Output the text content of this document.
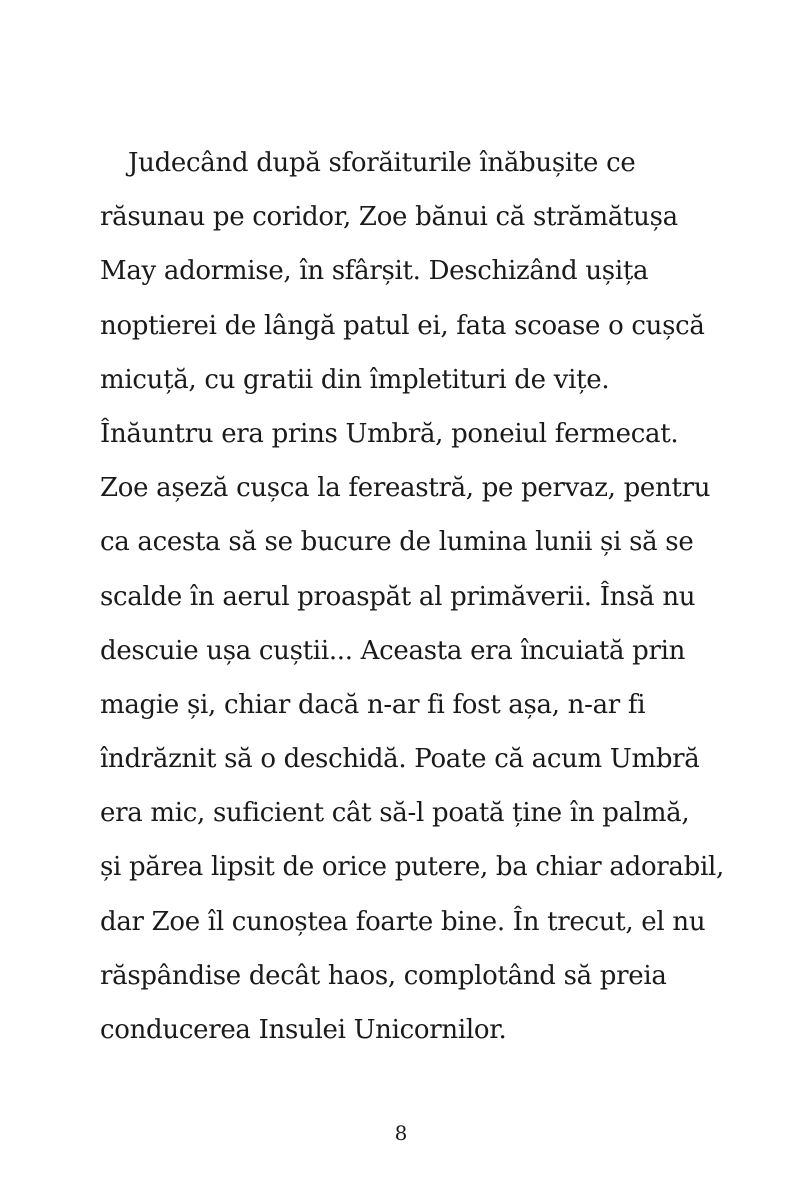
Judecând după sforăiturile înăbușite ce
răsunau pe coridor, Zoe bănui că strămătușa
May adormise, în sfârșit. Deschizând ușița
noptierei de lângă patul ei, fata scoase o cușcă
micuță, cu gratii din împletituri de vițe.
Înăuntru era prins Umbră, poneiul fermecat.
Zoe așeză cușca la fereastră, pe pervaz, pentru
ca acesta să se bucure de lumina lunii și să se
scalde în aerul proaspăt al primăverii. Însă nu
descuie ușa cuștii... Aceasta era încuiată prin
magie și, chiar dacă n-ar fi fost așa, n-ar fi
îndrăznit să o deschidă. Poate că acum Umbră
era mic, suficient cât să-l poată ține în palmă,
și părea lipsit de orice putere, ba chiar adorabil,
dar Zoe îl cunoștea foarte bine. În trecut, el nu
răspândise decât haos, complotând să preia
conducerea Insulei Unicornilor.

8
